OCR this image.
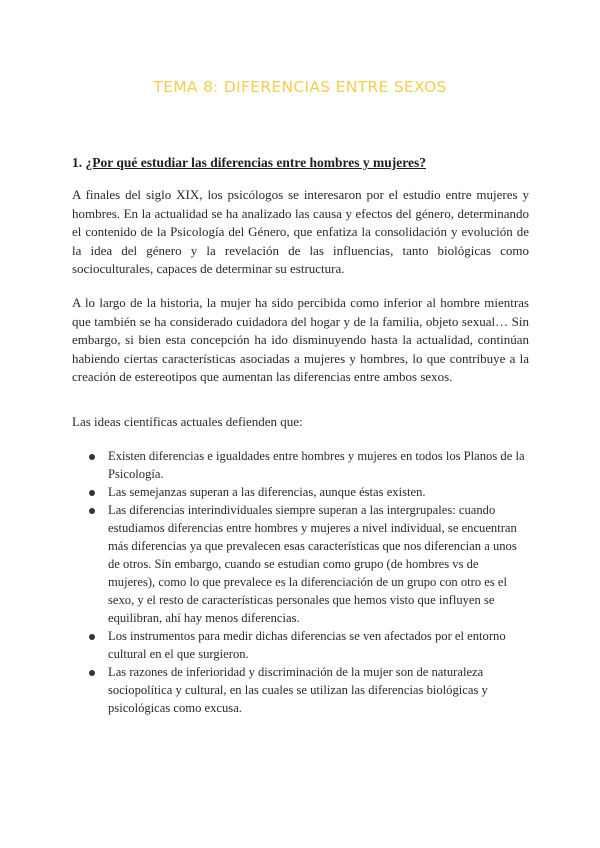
TEMA 8: DIFERENCIAS ENTRE SEXOS
1. ¿Por qué estudiar las diferencias entre hombres y mujeres?

A finales del siglo XIX, los psicólogos se interesaron por el estudio entre mujeres y hombres. En la actualidad se ha analizado las causa y efectos del género, determinando el contenido de la Psicología del Género, que enfatiza la consolidación y evolución de la idea del género y la revelación de las influencias, tanto biológicas como socioculturales, capaces de determinar su estructura.

A lo largo de la historia, la mujer ha sido percibida como inferior al hombre mientras que también se ha considerado cuidadora del hogar y de la familia, objeto sexual… Sin embargo, si bien esta concepción ha ido disminuyendo hasta la actualidad, continúan habiendo ciertas características asociadas a mujeres y hombres, lo que contribuye a la creación de estereotipos que aumentan las diferencias entre ambos sexos.

Las ideas científicas actuales defienden que:

Existen diferencias e igualdades entre hombres y mujeres en todos los Planos de la Psicología.
Las semejanzas superan a las diferencias, aunque éstas existen.
Las diferencias interindividuales siempre superan a las intergrupales: cuando estudiamos diferencias entre hombres y mujeres a nivel individual, se encuentran más diferencias ya que prevalecen esas características que nos diferencian a unos de otros. Sin embargo, cuando se estudian como grupo (de hombres vs de mujeres), como lo que prevalece es la diferenciación de un grupo con otro es el sexo, y el resto de características personales que hemos visto que influyen se equilibran, ahí hay menos diferencias.
Los instrumentos para medir dichas diferencias se ven afectados por el entorno cultural en el que surgieron.
Las razones de inferioridad y discriminación de la mujer son de naturaleza sociopolítica y cultural, en las cuales se utilizan las diferencias biológicas y psicológicas como excusa.
